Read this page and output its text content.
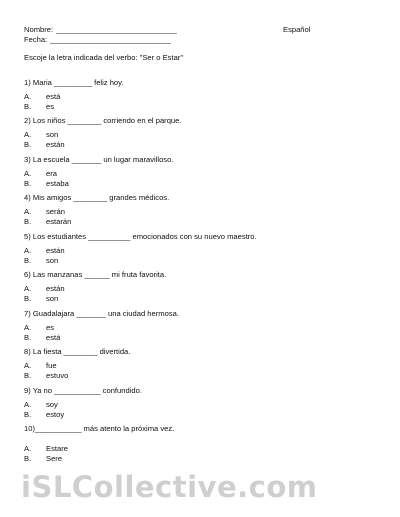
Nombre: ______________________________	Español
Fecha: ______________________________
Escoje la letra indicada del verbo: "Ser o Estar"
1) Maria _________ feliz hoy.
A. está
B. es
2) Los niños ________ corriendo en el parque.
A. son
B. están
3) La escuela _______ un lugar maravilloso.
A. era
B. estaba
4) Mis amigos ________ grandes médicos.
A. serán
B. estarán
5) Los estudiantes __________ emocionados con su nuevo maestro.
A. están
B. son
6) Las manzanas ______ mi fruta favorita.
A. están
B. son
7) Guadalajara _______ una ciudad hermosa.
A. es
B. está
8) La fiesta ________ divertida.
A. fue
B. estuvo
9) Ya no ___________ confundido.
A. soy
B. estoy
10)___________ más atento la próxima vez.
A. Estare
B. Sere
iSLCollective.com
